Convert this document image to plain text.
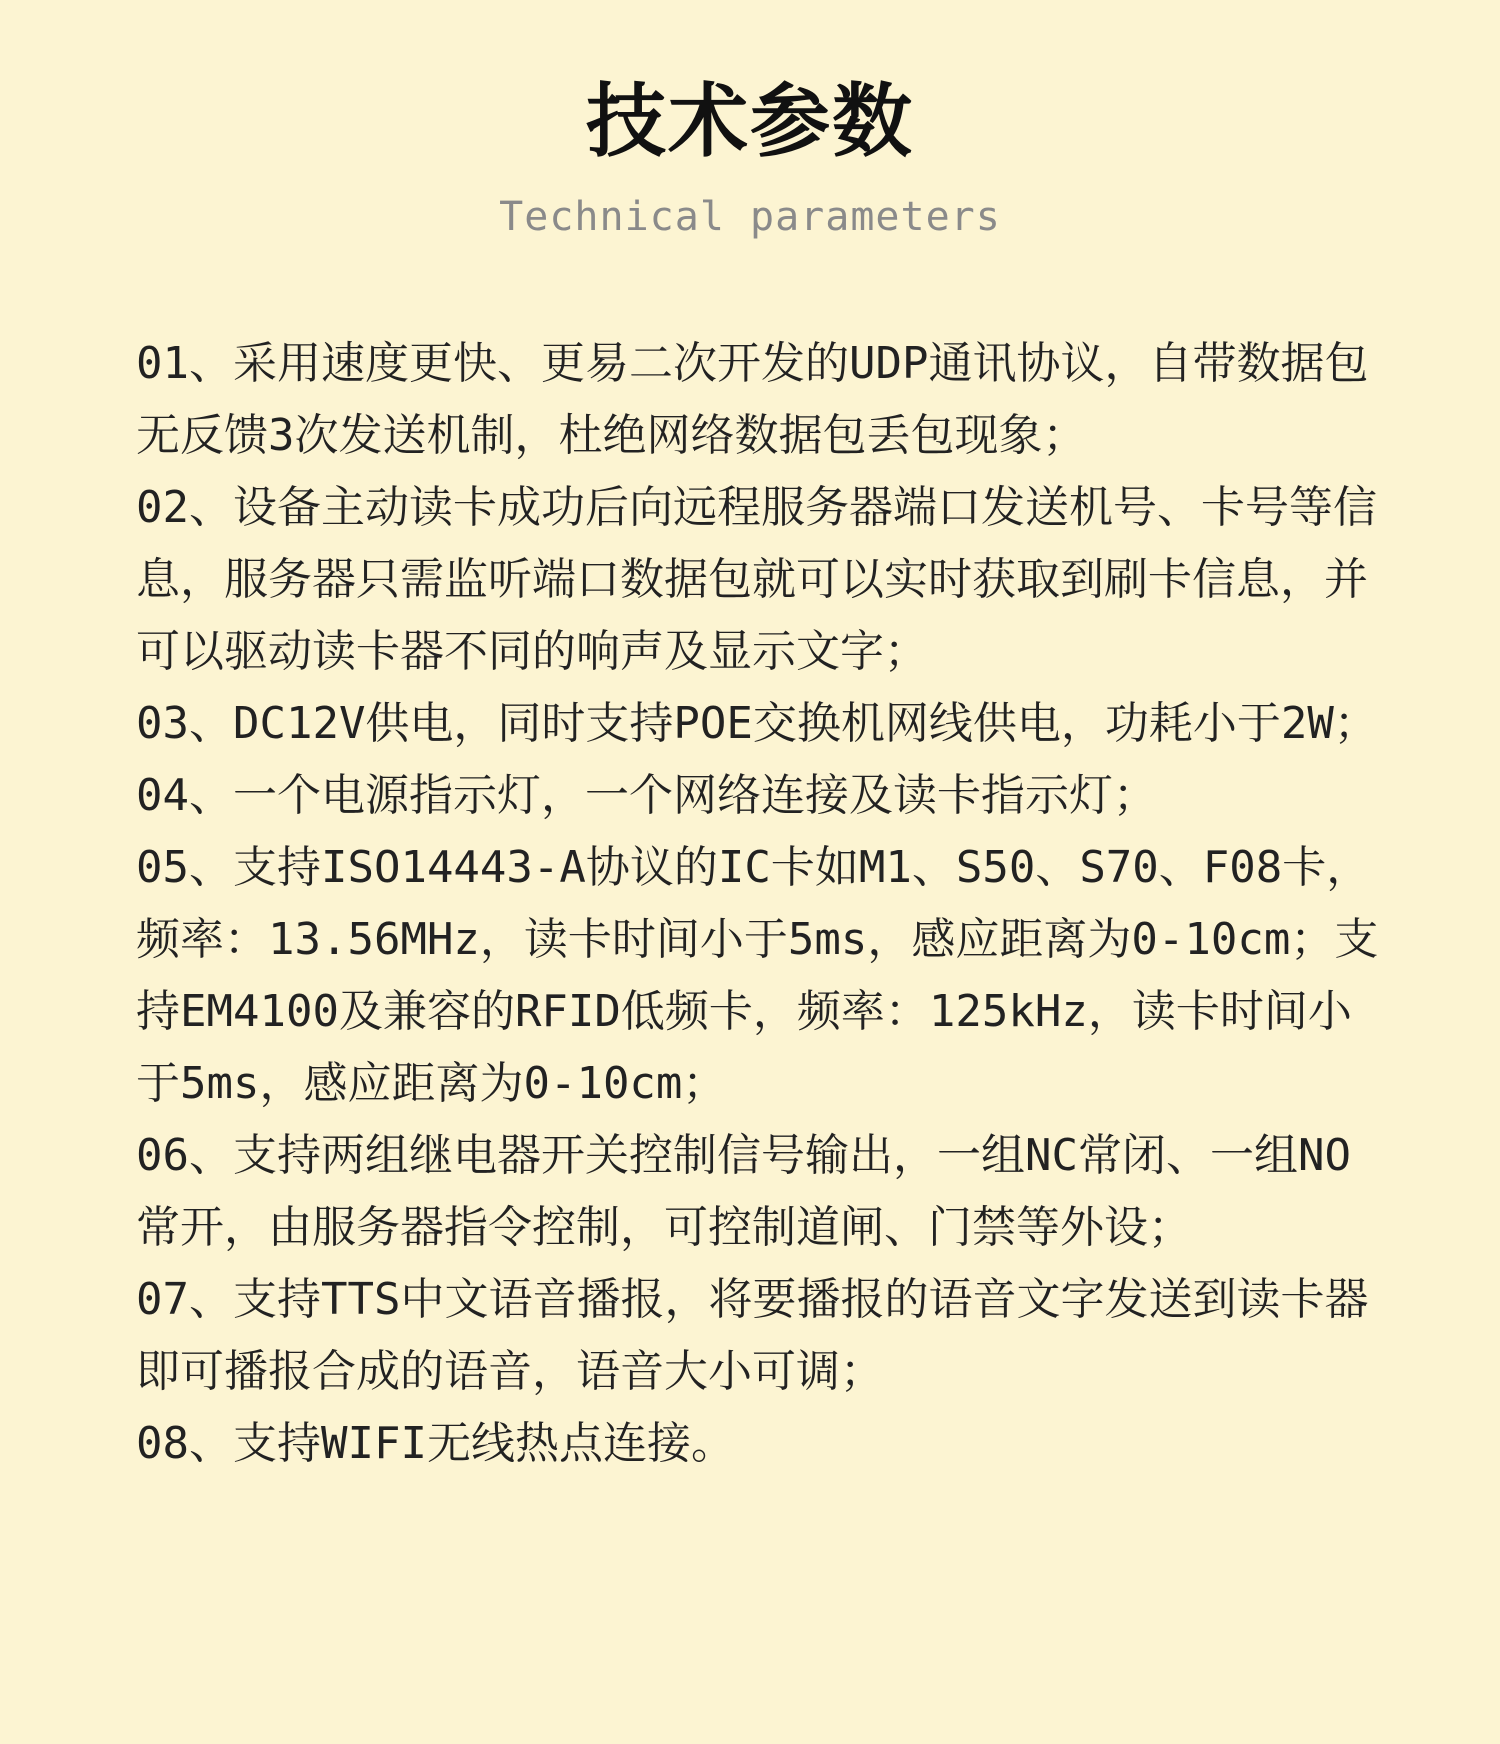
技术参数
Technical parameters
01、采用速度更快、更易二次开发的UDP通讯协议，自带数据包无反馈3次发送机制，杜绝网络数据包丢包现象；
02、设备主动读卡成功后向远程服务器端口发送机号、卡号等信息，服务器只需监听端口数据包就可以实时获取到刷卡信息，并可以驱动读卡器不同的响声及显示文字；
03、DC12V供电，同时支持POE交换机网线供电，功耗小于2W；
04、一个电源指示灯，一个网络连接及读卡指示灯；
05、支持ISO14443-A协议的IC卡如M1、S50、S70、F08卡，频率：13.56MHz，读卡时间小于5ms，感应距离为0-10cm；支持EM4100及兼容的RFID低频卡，频率：125kHz，读卡时间小于5ms，感应距离为0-10cm；
06、支持两组继电器开关控制信号输出，一组NC常闭、一组NO常开，由服务器指令控制，可控制道闸、门禁等外设；
07、支持TTS中文语音播报，将要播报的语音文字发送到读卡器即可播报合成的语音，语音大小可调；
08、支持WIFI无线热点连接。
